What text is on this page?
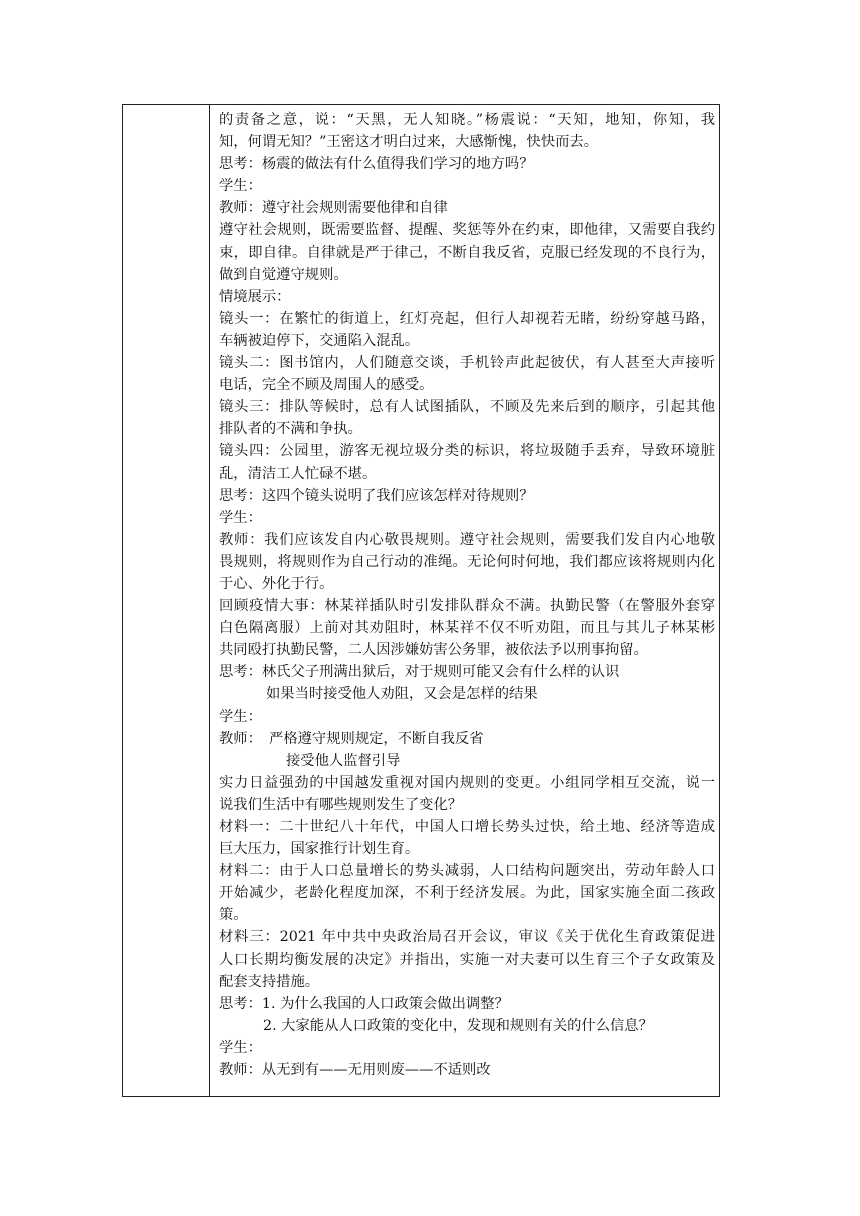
的责备之意，说：“天黑，无人知晓。”杨震说：“天知，地知，你知，我
知，何谓无知？”王密这才明白过来，大感惭愧，快快而去。
思考：杨震的做法有什么值得我们学习的地方吗？
学生：
教师：遵守社会规则需要他律和自律
遵守社会规则，既需要监督、提醒、奖惩等外在约束，即他律，又需要自我约
束，即自律。自律就是严于律己，不断自我反省，克服已经发现的不良行为，
做到自觉遵守规则。
情境展示：
镜头一：在繁忙的街道上，红灯亮起，但行人却视若无睹，纷纷穿越马路，
车辆被迫停下，交通陷入混乱。
镜头二：图书馆内，人们随意交谈，手机铃声此起彼伏，有人甚至大声接听
电话，完全不顾及周围人的感受。
镜头三：排队等候时，总有人试图插队，不顾及先来后到的顺序，引起其他
排队者的不满和争执。
镜头四：公园里，游客无视垃圾分类的标识，将垃圾随手丢弃，导致环境脏
乱，清洁工人忙碌不堪。
思考：这四个镜头说明了我们应该怎样对待规则？
学生：
教师：我们应该发自内心敬畏规则。遵守社会规则，需要我们发自内心地敬
畏规则，将规则作为自己行动的准绳。无论何时何地，我们都应该将规则内化
于心、外化于行。
回顾疫情大事：林某祥插队时引发排队群众不满。执勤民警（在警服外套穿
白色隔离服）上前对其劝阻时，林某祥不仅不听劝阻，而且与其儿子林某彬
共同殴打执勤民警，二人因涉嫌妨害公务罪，被依法予以刑事拘留。
思考：林氏父子刑满出狱后，对于规则可能又会有什么样的认识
如果当时接受他人劝阻，又会是怎样的结果
学生：
教师：　严格遵守规则规定，不断自我反省
接受他人监督引导
实力日益强劲的中国越发重视对国内规则的变更。小组同学相互交流，说一
说我们生活中有哪些规则发生了变化？
材料一：二十世纪八十年代，中国人口增长势头过快，给土地、经济等造成
巨大压力，国家推行计划生育。
材料二：由于人口总量增长的势头减弱，人口结构问题突出，劳动年龄人口
开始减少，老龄化程度加深，不利于经济发展。为此，国家实施全面二孩政
策。
材料三：2021 年中共中央政治局召开会议，审议《关于优化生育政策促进
人口长期均衡发展的决定》并指出，实施一对夫妻可以生育三个子女政策及
配套支持措施。
思考：1. 为什么我国的人口政策会做出调整？
2. 大家能从人口政策的变化中，发现和规则有关的什么信息？
学生：
教师：从无到有——无用则废——不适则改
